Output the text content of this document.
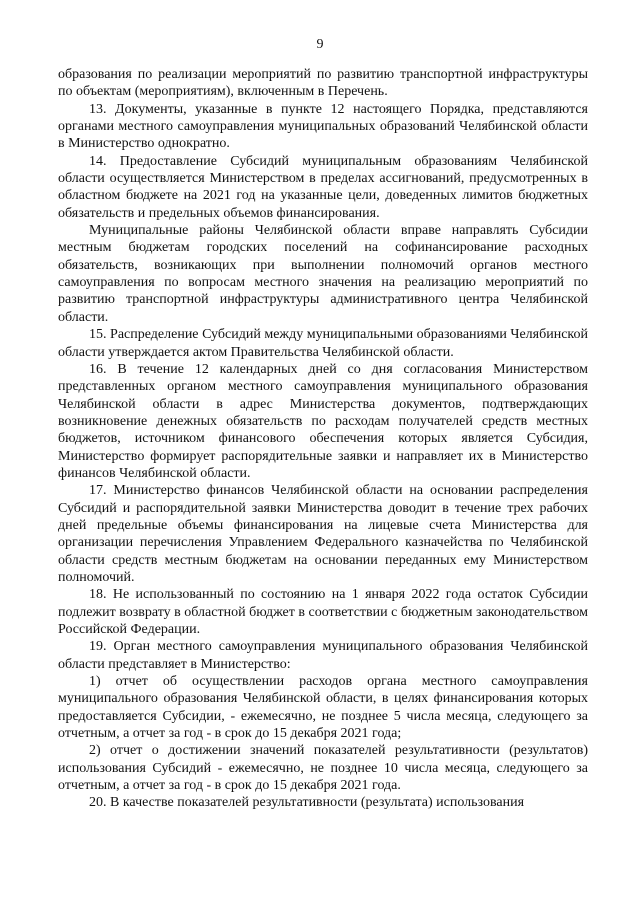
9

образования по реализации мероприятий по развитию транспортной инфраструктуры по объектам (мероприятиям), включенным в Перечень.

13. Документы, указанные в пункте 12 настоящего Порядка, представляются органами местного самоуправления муниципальных образований Челябинской области в Министерство однократно.

14. Предоставление Субсидий муниципальным образованиям Челябинской области осуществляется Министерством в пределах ассигнований, предусмотренных в областном бюджете на 2021 год на указанные цели, доведенных лимитов бюджетных обязательств и предельных объемов финансирования.

Муниципальные районы Челябинской области вправе направлять Субсидии местным бюджетам городских поселений на софинансирование расходных обязательств, возникающих при выполнении полномочий органов местного самоуправления по вопросам местного значения на реализацию мероприятий по развитию транспортной инфраструктуры административного центра Челябинской области.

15. Распределение Субсидий между муниципальными образованиями Челябинской области утверждается актом Правительства Челябинской области.

16. В течение 12 календарных дней со дня согласования Министерством представленных органом местного самоуправления муниципального образования Челябинской области в адрес Министерства документов, подтверждающих возникновение денежных обязательств по расходам получателей средств местных бюджетов, источником финансового обеспечения которых является Субсидия, Министерство формирует распорядительные заявки и направляет их в Министерство финансов Челябинской области.

17. Министерство финансов Челябинской области на основании распределения Субсидий и распорядительной заявки Министерства доводит в течение трех рабочих дней предельные объемы финансирования на лицевые счета Министерства для организации перечисления Управлением Федерального казначейства по Челябинской области средств местным бюджетам на основании переданных ему Министерством полномочий.

18. Не использованный по состоянию на 1 января 2022 года остаток Субсидии подлежит возврату в областной бюджет в соответствии с бюджетным законодательством Российской Федерации.

19. Орган местного самоуправления муниципального образования Челябинской области представляет в Министерство:

1) отчет об осуществлении расходов органа местного самоуправления муниципального образования Челябинской области, в целях финансирования которых предоставляется Субсидии, - ежемесячно, не позднее 5 числа месяца, следующего за отчетным, а отчет за год - в срок до 15 декабря 2021 года;

2) отчет о достижении значений показателей результативности (результатов) использования Субсидий - ежемесячно, не позднее 10 числа месяца, следующего за отчетным, а отчет за год - в срок до 15 декабря 2021 года.

20. В качестве показателей результативности (результата) использования
